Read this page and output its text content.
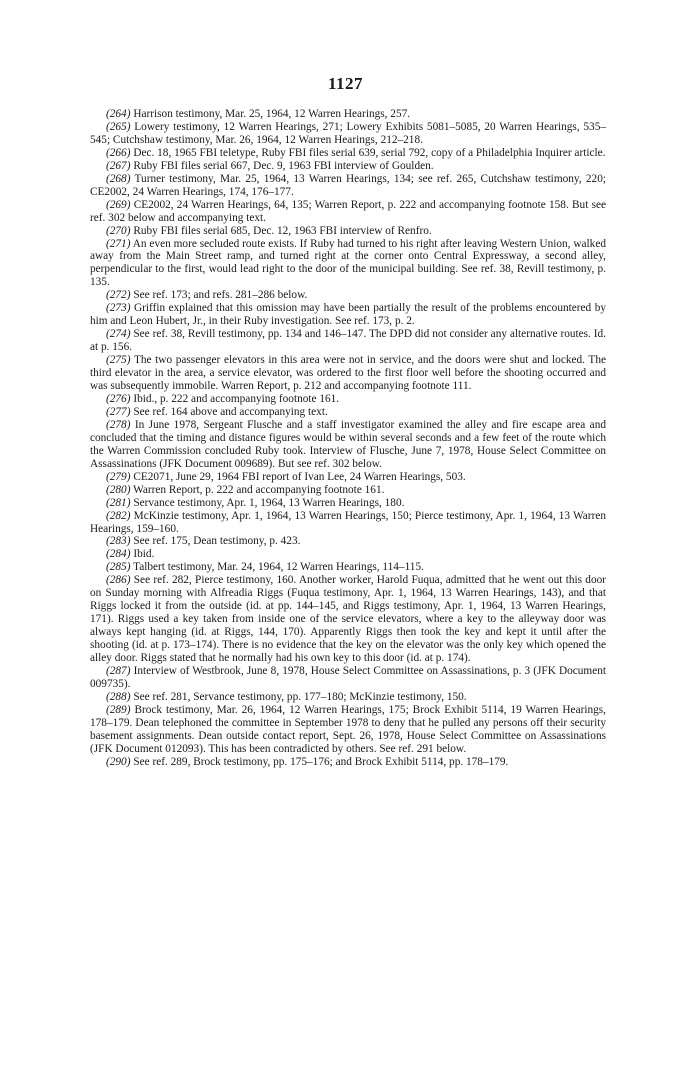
1127

(264) Harrison testimony, Mar. 25, 1964, 12 Warren Hearings, 257.

(265) Lowery testimony, 12 Warren Hearings, 271; Lowery Exhibits 5081–5085, 20 Warren Hearings, 535–545; Cutchshaw testimony, Mar. 26, 1964, 12 Warren Hearings, 212–218.

(266) Dec. 18, 1965 FBI teletype, Ruby FBI files serial 639, serial 792, copy of a Philadelphia Inquirer article.

(267) Ruby FBI files serial 667, Dec. 9, 1963 FBI interview of Goulden.

(268) Turner testimony, Mar. 25, 1964, 13 Warren Hearings, 134; see ref. 265, Cutchshaw testimony, 220; CE2002, 24 Warren Hearings, 174, 176–177.

(269) CE2002, 24 Warren Hearings, 64, 135; Warren Report, p. 222 and accompanying footnote 158. But see ref. 302 below and accompanying text.

(270) Ruby FBI files serial 685, Dec. 12, 1963 FBI interview of Renfro.

(271) An even more secluded route exists. If Ruby had turned to his right after leaving Western Union, walked away from the Main Street ramp, and turned right at the corner onto Central Expressway, a second alley, perpendicular to the first, would lead right to the door of the municipal building. See ref. 38, Revill testimony, p. 135.

(272) See ref. 173; and refs. 281–286 below.

(273) Griffin explained that this omission may have been partially the result of the problems encountered by him and Leon Hubert, Jr., in their Ruby investigation. See ref. 173, p. 2.

(274) See ref. 38, Revill testimony, pp. 134 and 146–147. The DPD did not consider any alternative routes. Id. at p. 156.

(275) The two passenger elevators in this area were not in service, and the doors were shut and locked. The third elevator in the area, a service elevator, was ordered to the first floor well before the shooting occurred and was subsequently immobile. Warren Report, p. 212 and accompanying footnote 111.

(276) Ibid., p. 222 and accompanying footnote 161.

(277) See ref. 164 above and accompanying text.

(278) In June 1978, Sergeant Flusche and a staff investigator examined the alley and fire escape area and concluded that the timing and distance figures would be within several seconds and a few feet of the route which the Warren Commission concluded Ruby took. Interview of Flusche, June 7, 1978, House Select Committee on Assassinations (JFK Document 009689). But see ref. 302 below.

(279) CE2071, June 29, 1964 FBI report of Ivan Lee, 24 Warren Hearings, 503.

(280) Warren Report, p. 222 and accompanying footnote 161.

(281) Servance testimony, Apr. 1, 1964, 13 Warren Hearings, 180.

(282) McKinzie testimony, Apr. 1, 1964, 13 Warren Hearings, 150; Pierce testimony, Apr. 1, 1964, 13 Warren Hearings, 159–160.

(283) See ref. 175, Dean testimony, p. 423.

(284) Ibid.

(285) Talbert testimony, Mar. 24, 1964, 12 Warren Hearings, 114–115.

(286) See ref. 282, Pierce testimony, 160. Another worker, Harold Fuqua, admitted that he went out this door on Sunday morning with Alfreadia Riggs (Fuqua testimony, Apr. 1, 1964, 13 Warren Hearings, 143), and that Riggs locked it from the outside (id. at pp. 144–145, and Riggs testimony, Apr. 1, 1964, 13 Warren Hearings, 171). Riggs used a key taken from inside one of the service elevators, where a key to the alleyway door was always kept hanging (id. at Riggs, 144, 170). Apparently Riggs then took the key and kept it until after the shooting (id. at p. 173–174). There is no evidence that the key on the elevator was the only key which opened the alley door. Riggs stated that he normally had his own key to this door (id. at p. 174).

(287) Interview of Westbrook, June 8, 1978, House Select Committee on Assassinations, p. 3 (JFK Document 009735).

(288) See ref. 281, Servance testimony, pp. 177–180; McKinzie testimony, 150.

(289) Brock testimony, Mar. 26, 1964, 12 Warren Hearings, 175; Brock Exhibit 5114, 19 Warren Hearings, 178–179. Dean telephoned the committee in September 1978 to deny that he pulled any persons off their security basement assignments. Dean outside contact report, Sept. 26, 1978, House Select Committee on Assassinations (JFK Document 012093). This has been contradicted by others. See ref. 291 below.

(290) See ref. 289, Brock testimony, pp. 175–176; and Brock Exhibit 5114, pp. 178–179.
